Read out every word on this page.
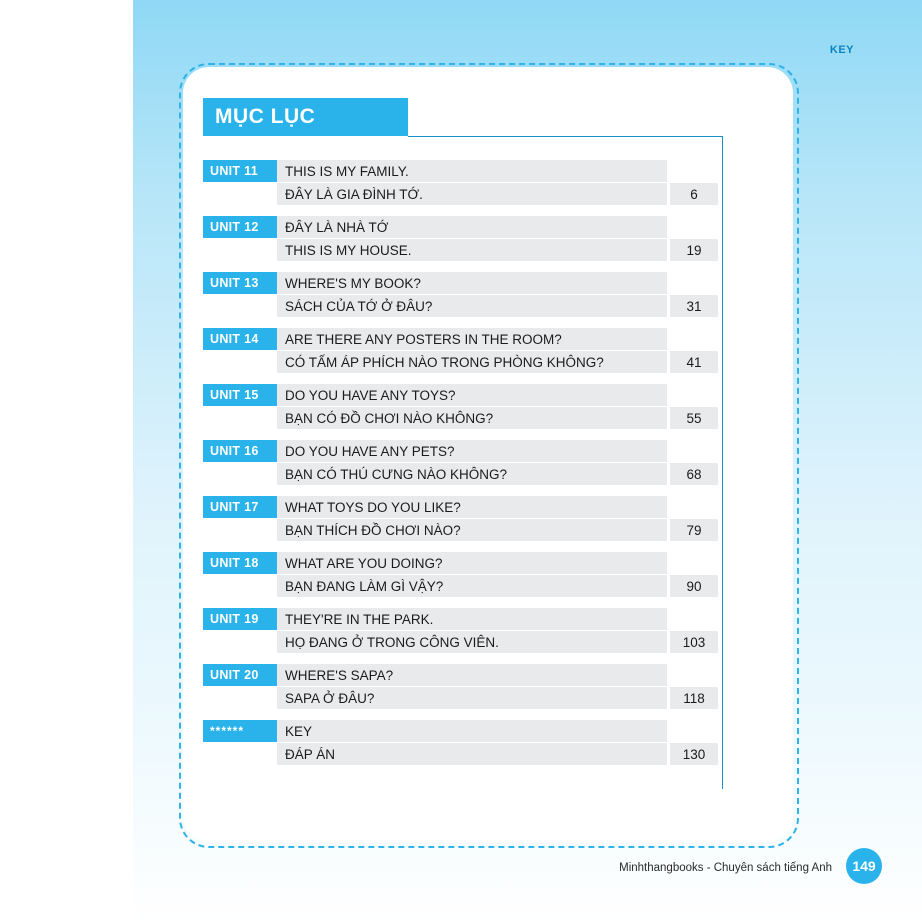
KEY
MỤC LỤC
UNIT 11	THIS IS MY FAMILY.
ĐÂY LÀ GIA ĐÌNH TỚ.	6
UNIT 12	ĐÂY LÀ NHÀ TỚ
THIS IS MY HOUSE.	19
UNIT 13	WHERE'S MY BOOK?
SÁCH CỦA TỚ Ở ĐÂU?	31
UNIT 14	ARE THERE ANY POSTERS IN THE ROOM?
CÓ TẤM ÁP PHÍCH NÀO TRONG PHÒNG KHÔNG?	41
UNIT 15	DO YOU HAVE ANY TOYS?
BẠN CÓ ĐỒ CHƠI NÀO KHÔNG?	55
UNIT 16	DO YOU HAVE ANY PETS?
BẠN CÓ THÚ CƯNG NÀO KHÔNG?	68
UNIT 17	WHAT TOYS DO YOU LIKE?
BẠN THÍCH ĐỒ CHƠI NÀO?	79
UNIT 18	WHAT ARE YOU DOING?
BẠN ĐANG LÀM GÌ VẬY?	90
UNIT 19	THEY'RE IN THE PARK.
HỌ ĐANG Ở TRONG CÔNG VIÊN.	103
UNIT 20	WHERE'S SAPA?
SAPA Ở ĐÂU?	118
******	KEY
ĐÁP ÁN	130
Minhthangbooks - Chuyên sách tiếng Anh	149
